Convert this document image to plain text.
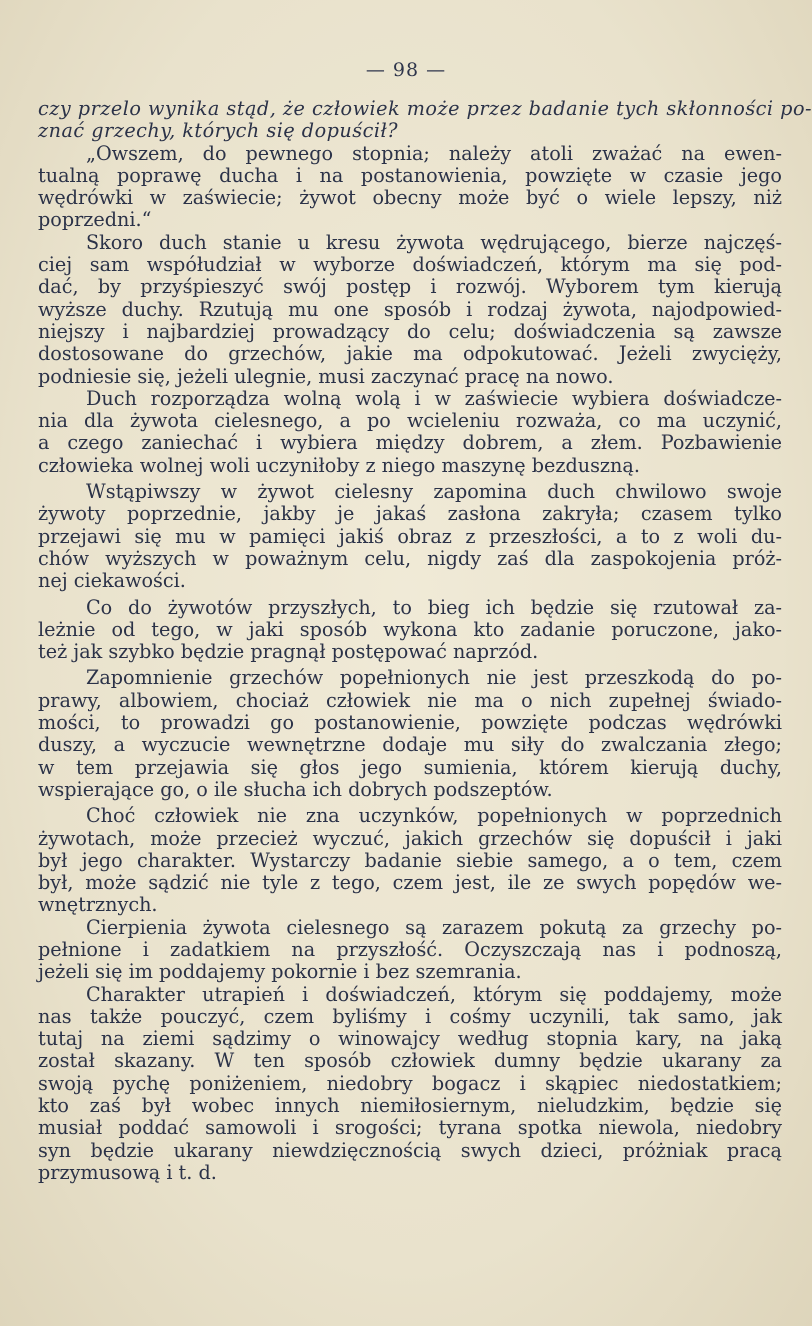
— 98 —
czy przelo wynika stąd, że człowiek może przez badanie tych skłonności po-
znać grzechy, których się dopuścił?
„Owszem, do pewnego stopnia; należy atoli zważać na ewen-
tualną poprawę ducha i na postanowienia, powzięte w czasie jego
wędrówki w zaświecie; żywot obecny może być o wiele lepszy, niż
poprzedni.“
Skoro duch stanie u kresu żywota wędrującego, bierze najczęś-
ciej sam współudział w wyborze doświadczeń, którym ma się pod-
dać, by przyśpieszyć swój postęp i rozwój. Wyborem tym kierują
wyższe duchy. Rzutują mu one sposób i rodzaj żywota, najodpowied-
niejszy i najbardziej prowadzący do celu; doświadczenia są zawsze
dostosowane do grzechów, jakie ma odpokutować. Jeżeli zwycięży,
podniesie się, jeżeli ulegnie, musi zaczynać pracę na nowo.
Duch rozporządza wolną wolą i w zaświecie wybiera doświadcze-
nia dla żywota cielesnego, a po wcieleniu rozważa, co ma uczynić,
a czego zaniechać i wybiera między dobrem, a złem. Pozbawienie
człowieka wolnej woli uczyniłoby z niego maszynę bezduszną.
Wstąpiwszy w żywot cielesny zapomina duch chwilowo swoje
żywoty poprzednie, jakby je jakaś zasłona zakryła; czasem tylko
przejawi się mu w pamięci jakiś obraz z przeszłości, a to z woli du-
chów wyższych w poważnym celu, nigdy zaś dla zaspokojenia próż-
nej ciekawości.
Co do żywotów przyszłych, to bieg ich będzie się rzutował za-
leżnie od tego, w jaki sposób wykona kto zadanie poruczone, jako-
też jak szybko będzie pragnął postępować naprzód.
Zapomnienie grzechów popełnionych nie jest przeszkodą do po-
prawy, albowiem, chociaż człowiek nie ma o nich zupełnej świado-
mości, to prowadzi go postanowienie, powzięte podczas wędrówki
duszy, a wyczucie wewnętrzne dodaje mu siły do zwalczania złego;
w tem przejawia się głos jego sumienia, którem kierują duchy,
wspierające go, o ile słucha ich dobrych podszeptów.
Choć człowiek nie zna uczynków, popełnionych w poprzednich
żywotach, może przecież wyczuć, jakich grzechów się dopuścił i jaki
był jego charakter. Wystarczy badanie siebie samego, a o tem, czem
był, może sądzić nie tyle z tego, czem jest, ile ze swych popędów we-
wnętrznych.
Cierpienia żywota cielesnego są zarazem pokutą za grzechy po-
pełnione i zadatkiem na przyszłość. Oczyszczają nas i podnoszą,
jeżeli się im poddajemy pokornie i bez szemrania.
Charakter utrapień i doświadczeń, którym się poddajemy, może
nas także pouczyć, czem byliśmy i cośmy uczynili, tak samo, jak
tutaj na ziemi sądzimy o winowajcy według stopnia kary, na jaką
został skazany. W ten sposób człowiek dumny będzie ukarany za
swoją pychę poniżeniem, niedobry bogacz i skąpiec niedostatkiem;
kto zaś był wobec innych niemiłosiernym, nieludzkim, będzie się
musiał poddać samowoli i srogości; tyrana spotka niewola, niedobry
syn będzie ukarany niewdzięcznością swych dzieci, próżniak pracą
przymusową i t. d.
